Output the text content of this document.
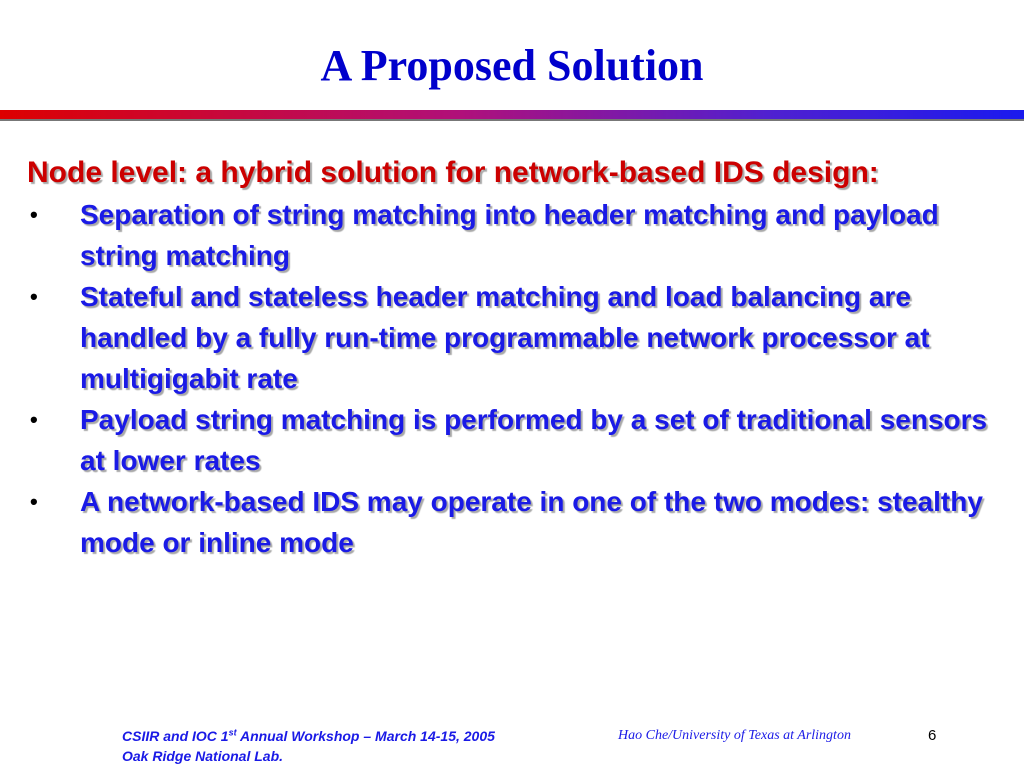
A Proposed Solution

Node level: a hybrid solution for network-based IDS design:

• Separation of string matching into header matching and payload string matching
• Stateful and stateless header matching and load balancing are handled by a fully run-time programmable network processor at multigigabit rate
• Payload string matching is performed by a set of traditional sensors at lower rates
• A network-based IDS may operate in one of the two modes: stealthy mode or inline mode
CSIIR and IOC 1st Annual Workshop – March 14-15, 2005
Oak Ridge National Lab.
Hao Che/University of Texas at Arlington	6
